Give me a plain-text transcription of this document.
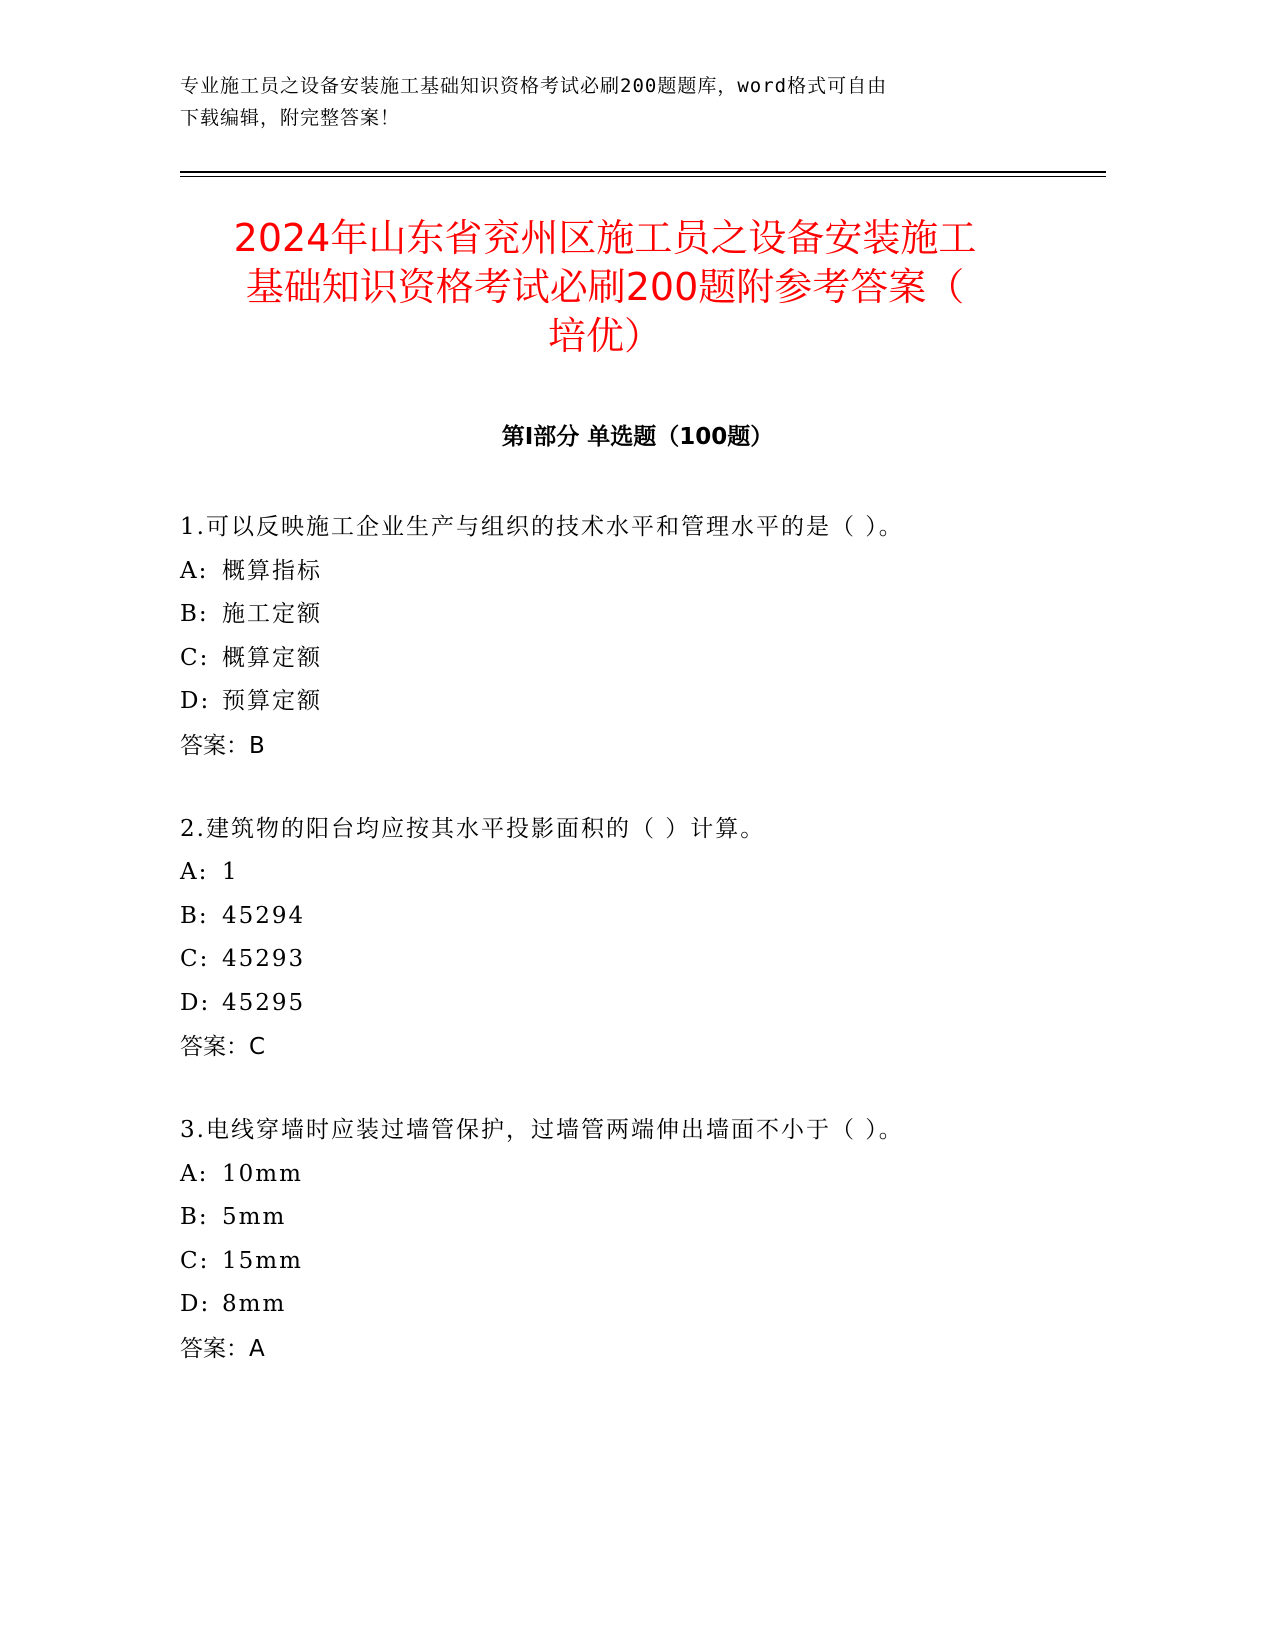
专业施工员之设备安装施工基础知识资格考试必刷200题题库，word格式可自由
下载编辑，附完整答案！
2024年山东省兖州区施工员之设备安装施工
基础知识资格考试必刷200题附参考答案（
培优）
第I部分 单选题（100题）
1.可以反映施工企业生产与组织的技术水平和管理水平的是（ ）。
A: 概算指标
B: 施工定额
C: 概算定额
D: 预算定额
答案：B
2.建筑物的阳台均应按其水平投影面积的（ ）计算。
A: 1
B: 45294
C: 45293
D: 45295
答案：C
3.电线穿墙时应装过墙管保护，过墙管两端伸出墙面不小于（ ）。
A: 10mm
B: 5mm
C: 15mm
D: 8mm
答案：A
